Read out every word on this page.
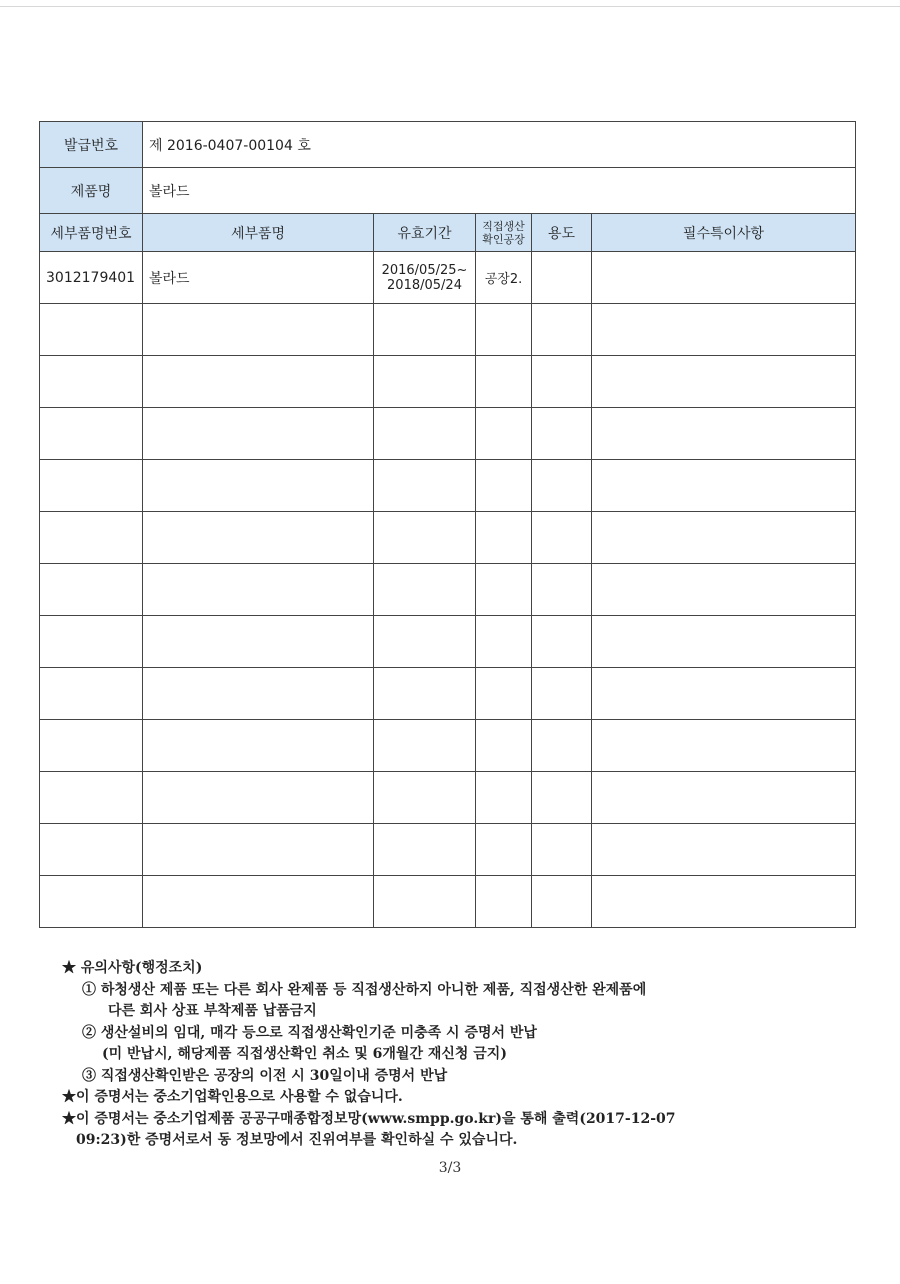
발급번호	제 2016-0407-00104 호				
제품명	볼라드				
세부품명번호	세부품명	유효기간	직접생산 확인공장	용도	필수특이사항
3012179401	볼라드	2016/05/25~
2018/05/24	공장2.		

★ 유의사항(행정조치)
① 하청생산 제품 또는 다른 회사 완제품 등 직접생산하지 아니한 제품, 직접생산한 완제품에
다른 회사 상표 부착제품 납품금지
② 생산설비의 임대, 매각 등으로 직접생산확인기준 미충족 시 증명서 반납
(미 반납시, 해당제품 직접생산확인 취소 및 6개월간 재신청 금지)
③ 직접생산확인받은 공장의 이전 시 30일이내 증명서 반납
★이 증명서는 중소기업확인용으로 사용할 수 없습니다.
★이 증명서는 중소기업제품 공공구매종합정보망(www.smpp.go.kr)을 통해 출력(2017-12-07
09:23)한 증명서로서 동 정보망에서 진위여부를 확인하실 수 있습니다.
3/3
